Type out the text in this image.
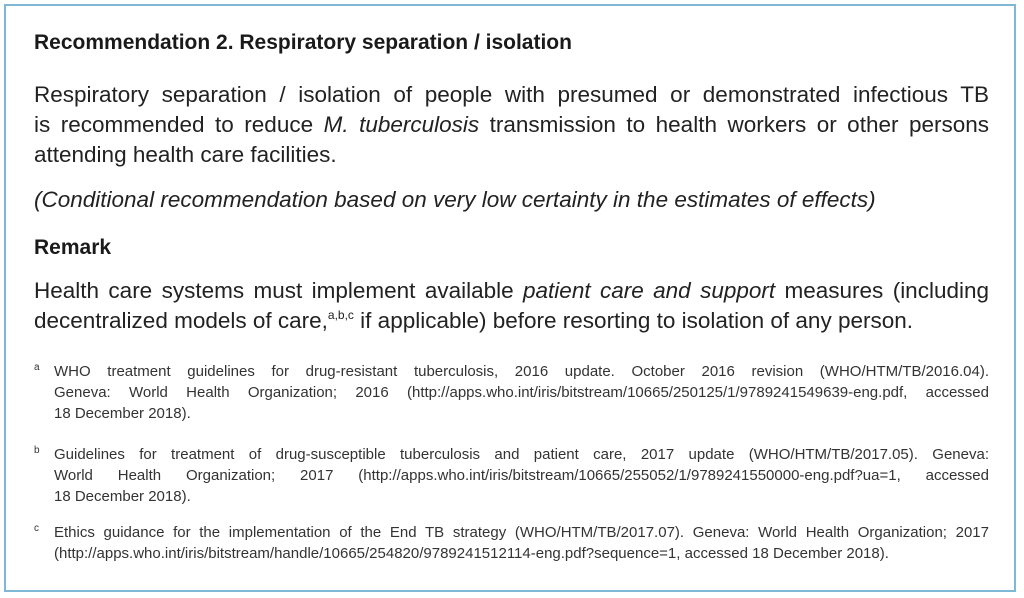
Recommendation 2. Respiratory separation / isolation
Respiratory separation / isolation of people with presumed or demonstrated infectious TB
is recommended to reduce M. tuberculosis transmission to health workers or other persons
attending health care facilities.
(Conditional recommendation based on very low certainty in the estimates of effects)
Remark
Health care systems must implement available patient care and support measures (including
decentralized models of care,$^{a,b,c}$ if applicable) before resorting to isolation of any person.
a WHO treatment guidelines for drug-resistant tuberculosis, 2016 update. October 2016 revision (WHO/HTM/TB/2016.04).
Geneva: World Health Organization; 2016 (http://apps.who.int/iris/bitstream/10665/250125/1/9789241549639-eng.pdf, accessed
18 December 2018).
b Guidelines for treatment of drug-susceptible tuberculosis and patient care, 2017 update (WHO/HTM/TB/2017.05). Geneva:
World Health Organization; 2017 (http://apps.who.int/iris/bitstream/10665/255052/1/9789241550000-eng.pdf?ua=1, accessed
18 December 2018).
c Ethics guidance for the implementation of the End TB strategy (WHO/HTM/TB/2017.07). Geneva: World Health Organization; 2017
(http://apps.who.int/iris/bitstream/handle/10665/254820/9789241512114-eng.pdf?sequence=1, accessed 18 December 2018).
